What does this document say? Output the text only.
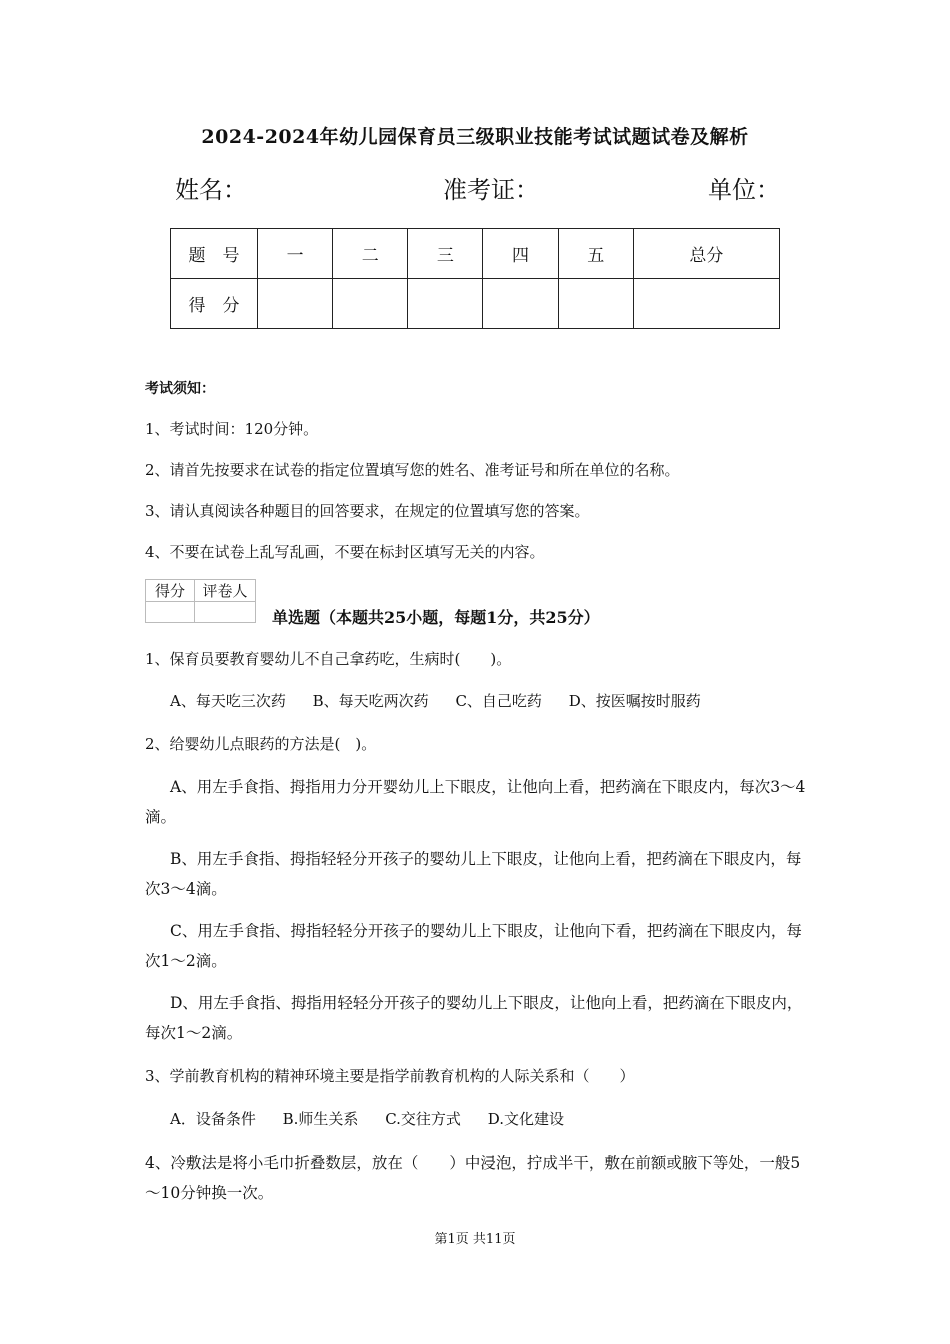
2024-2024年幼儿园保育员三级职业技能考试试题试卷及解析
姓名：	准考证：	单位：
题　号	一	二	三	四	五	总分
得　分						
考试须知：
1、考试时间：120分钟。
2、请首先按要求在试卷的指定位置填写您的姓名、准考证号和所在单位的名称。
3、请认真阅读各种题目的回答要求，在规定的位置填写您的答案。
4、不要在试卷上乱写乱画，不要在标封区填写无关的内容。
得分	评卷人

单选题（本题共25小题，每题1分，共25分）
1、保育员要教育婴幼儿不自己拿药吃，生病时(　　)。
A、每天吃三次药 B、每天吃两次药 C、自己吃药 D、按医嘱按时服药
2、给婴幼儿点眼药的方法是(　)。
A、用左手食指、拇指用力分开婴幼儿上下眼皮，让他向上看，把药滴在下眼皮内，每次3～4滴。
B、用左手食指、拇指轻轻分开孩子的婴幼儿上下眼皮，让他向上看，把药滴在下眼皮内，每次3～4滴。
C、用左手食指、拇指轻轻分开孩子的婴幼儿上下眼皮，让他向下看，把药滴在下眼皮内，每次1～2滴。
D、用左手食指、拇指用轻轻分开孩子的婴幼儿上下眼皮，让他向上看，把药滴在下眼皮内，每次1～2滴。
3、学前教育机构的精神环境主要是指学前教育机构的人际关系和（　　）
A．设备条件 B.师生关系 C.交往方式 D.文化建设
4、冷敷法是将小毛巾折叠数层，放在（　　）中浸泡，拧成半干，敷在前额或腋下等处，一般5～10分钟换一次。
第1页 共11页
